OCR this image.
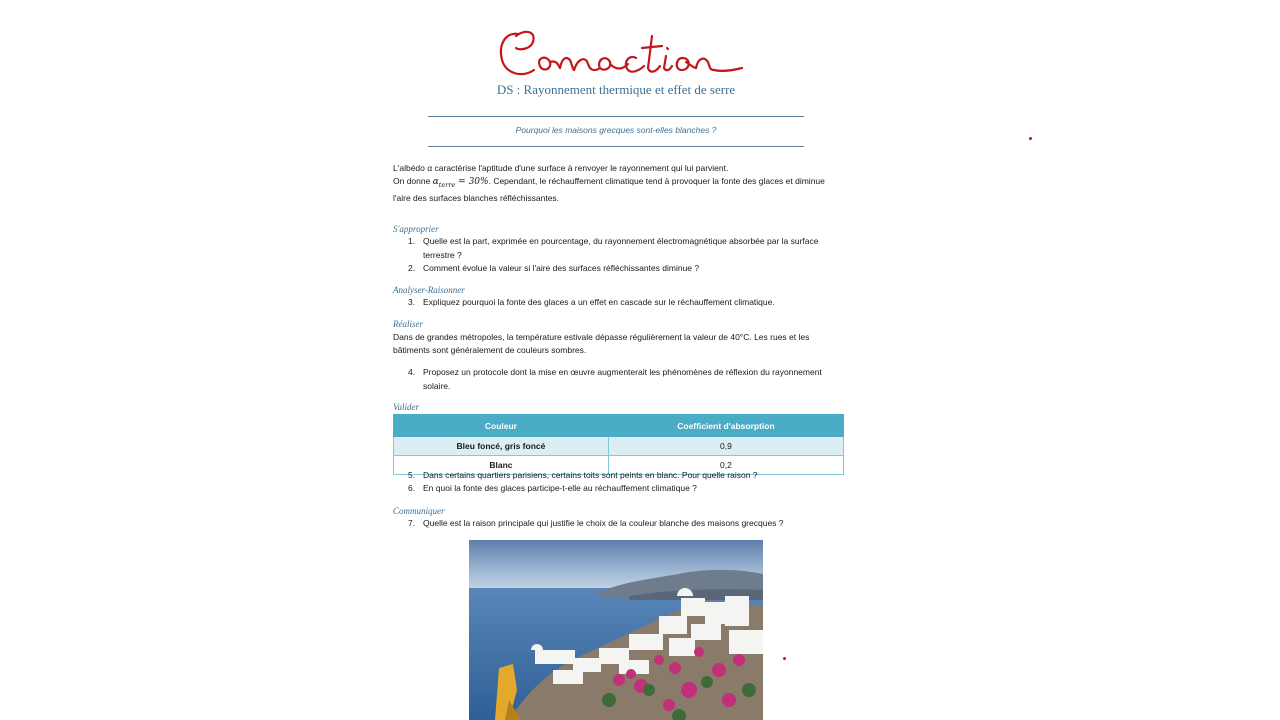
DS : Rayonnement thermique et effet de serre
Pourquoi les maisons grecques sont-elles blanches ?

L'albédo α caractérise l'aptitude d'une surface à renvoyer le rayonnement qui lui parvient.

On donne $\alpha_{terre} = 30\%$. Cependant, le réchauffement climatique tend à provoquer la fonte des glaces et diminue

l'aire des surfaces blanches réfléchissantes.

S'approprier
1. Quelle est la part, exprimée en pourcentage, du rayonnement électromagnétique absorbée par la surface terrestre ?
2. Comment évolue la valeur si l'aire des surfaces réfléchissantes diminue ?
Analyser-Raisonner
3. Expliquez pourquoi la fonte des glaces a un effet en cascade sur le réchauffement climatique.
Réaliser
Dans de grandes métropoles, la température estivale dépasse régulièrement la valeur de 40°C. Les rues et les bâtiments sont généralement de couleurs sombres.
4. Proposez un protocole dont la mise en œuvre augmenterait les phénomènes de réflexion du rayonnement solaire.
Valider
Couleur	Coefficient d'absorption
Bleu foncé, gris foncé	0,9
Blanc	0,2
5. Dans certains quartiers parisiens, certains toits sont peints en blanc. Pour quelle raison ?
6. En quoi la fonte des glaces participe-t-elle au réchauffement climatique ?
Communiquer
7. Quelle est la raison principale qui justifie le choix de la couleur blanche des maisons grecques ?
